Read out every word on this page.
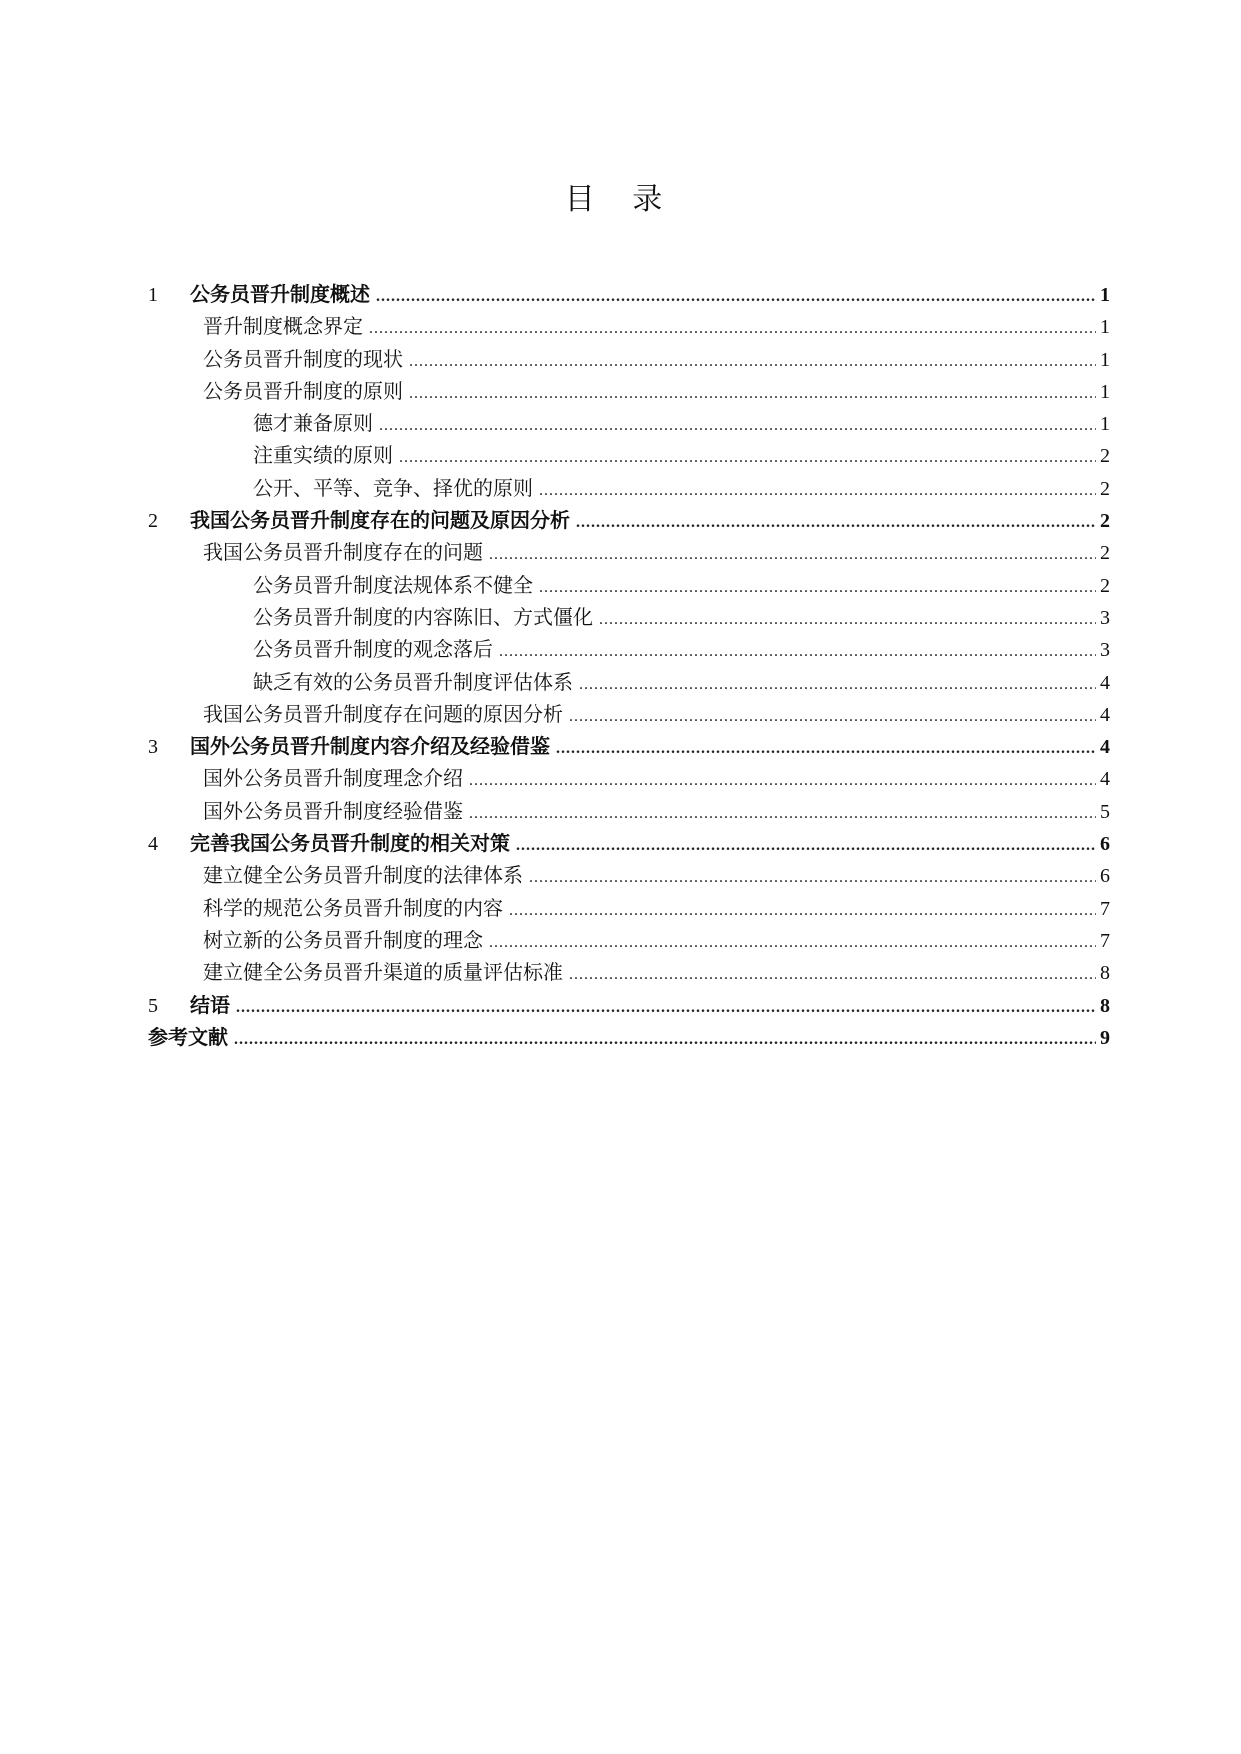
目 录
1	公务员晋升制度概述 .....	1
晋升制度概念界定 .....	1
公务员晋升制度的现状 .....	1
公务员晋升制度的原则 .....	1
德才兼备原则 .....	1
注重实绩的原则 .....	2
公开、平等、竞争、择优的原则 .....	2
2	我国公务员晋升制度存在的问题及原因分析 .....	2
我国公务员晋升制度存在的问题 .....	2
公务员晋升制度法规体系不健全 .....	2
公务员晋升制度的内容陈旧、方式僵化 .....	3
公务员晋升制度的观念落后 .....	3
缺乏有效的公务员晋升制度评估体系 .....	4
我国公务员晋升制度存在问题的原因分析 .....	4
3	国外公务员晋升制度内容介绍及经验借鉴 .....	4
国外公务员晋升制度理念介绍 .....	4
国外公务员晋升制度经验借鉴 .....	5
4	完善我国公务员晋升制度的相关对策 .....	6
建立健全公务员晋升制度的法律体系 .....	6
科学的规范公务员晋升制度的内容 .....	7
树立新的公务员晋升制度的理念 .....	7
建立健全公务员晋升渠道的质量评估标准 .....	8
5	结语 .....	8
参考文献 .....	9
